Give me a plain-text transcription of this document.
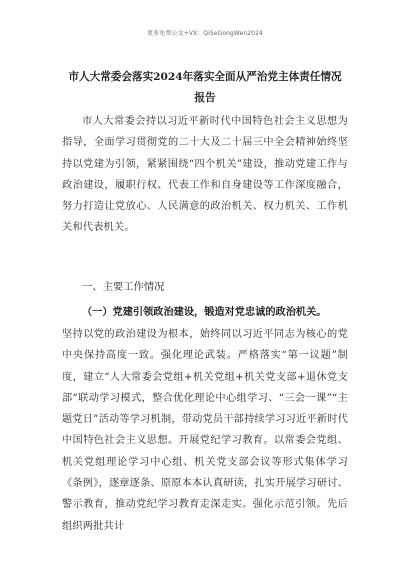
更多免费公文+VX：QiSeGongWen2024
市人大常委会落实2024年落实全面从严治党主体责任情况
报告
市人大常委会持以习近平新时代中国特色社会主义思想为指导，全面学习贯彻党的二十大及二十届三中全会精神始终坚持以党建为引领，紧紧围绕“四个机关”建设，推动党建工作与政治建设，履职行权、代表工作和自身建设等工作深度融合，努力打造让党放心、人民满意的政治机关、权力机关、工作机关和代表机关。
一、主要工作情况
（一）党建引领政治建设，锻造对党忠诚的政治机关。
坚持以党的政治建设为根本，始终同以习近平同志为核心的党中央保持高度一致。强化理论武装。严格落实“第一议题”制度，建立“人大常委会党组+机关党组+机关党支部+退休党支部”联动学习模式，整合优化理论中心组学习、“三会一课”“主题党日”活动等学习机制，带动党员干部持续学习习近平新时代中国特色社会主义思想。开展党纪学习教育。以常委会党组、机关党组理论学习中心组、机关党支部会议等形式集体学习《条例》，逐章逐条、原原本本认真研读，扎实开展学习研讨、警示教育，推动党纪学习教育走深走实。强化示范引领。先后组织两批共计
